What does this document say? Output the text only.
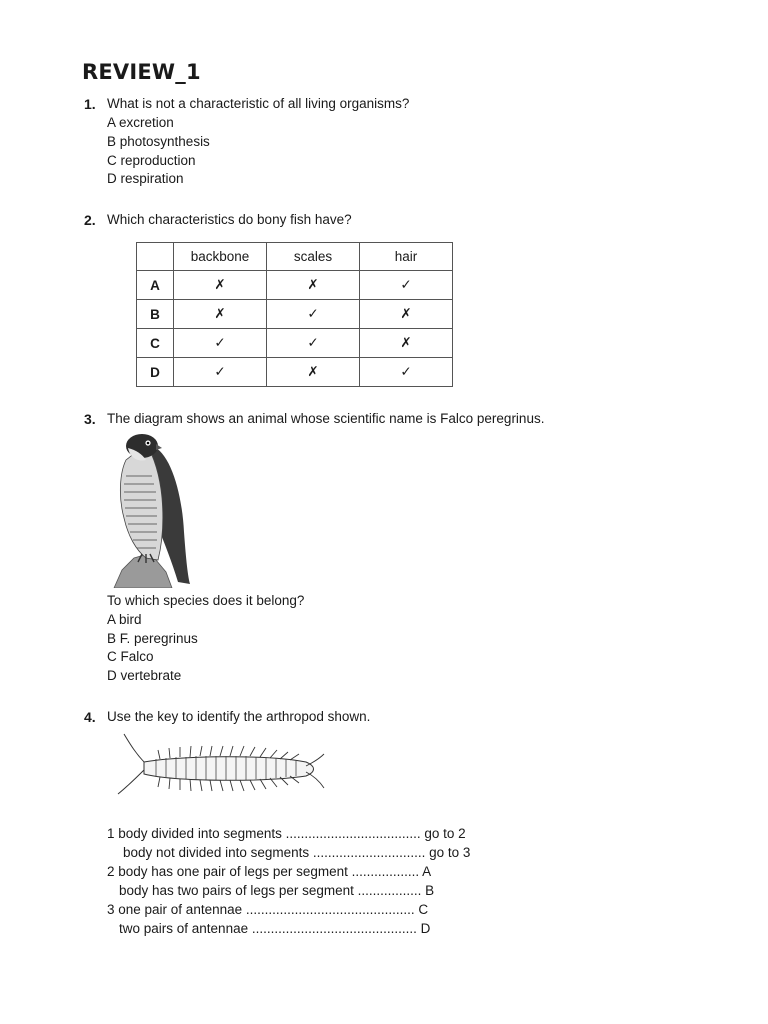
REVIEW_1
1. What is not a characteristic of all living organisms?
A excretion
B photosynthesis
C reproduction
D respiration
2. Which characteristics do bony fish have?
	backbone	scales	hair
A	✗	✗	✓
B	✗	✓	✗
C	✓	✓	✗
D	✓	✗	✓
3. The diagram shows an animal whose scientific name is Falco peregrinus.
To which species does it belong?
A bird
B F. peregrinus
C Falco
D vertebrate
4. Use the key to identify the arthropod shown.
1 body divided into segments .................................... go to 2
body not divided into segments .............................. go to 3
2 body has one pair of legs per segment .................. A
body has two pairs of legs per segment ................. B
3 one pair of antennae ............................................. C
two pairs of antennae ............................................ D
